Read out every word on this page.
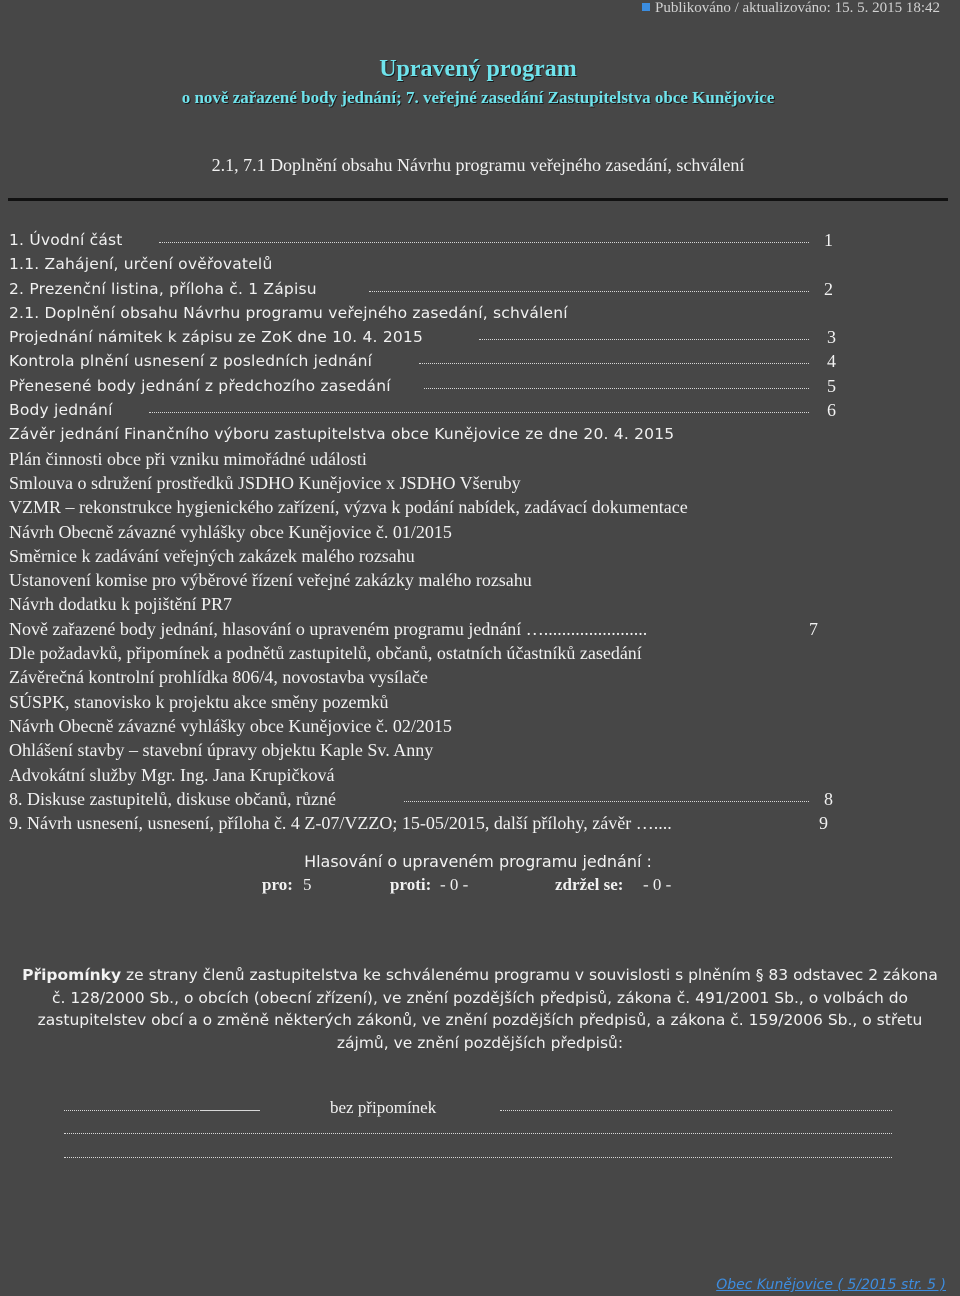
Publikováno / aktualizováno: 15. 5. 2015 18:42
Upravený program
o nově zařazené body jednání; 7. veřejné zasedání Zastupitelstva obce Kunějovice
2.1, 7.1 Doplnění obsahu Návrhu programu veřejného zasedání, schválení
1. Úvodní část	1
1.1. Zahájení, určení ověřovatelů
2. Prezenční listina, příloha č. 1 Zápisu	2
2.1. Doplnění obsahu Návrhu programu veřejného zasedání, schválení
Projednání námitek k zápisu ze ZoK dne 10. 4. 2015	3
Kontrola plnění usnesení z posledních jednání	4
Přenesené body jednání z předchozího zasedání	5
Body jednání	6
Závěr jednání Finančního výboru zastupitelstva obce Kunějovice ze dne 20. 4. 2015
Plán činnosti obce při vzniku mimořádné události
Smlouva o sdružení prostředků JSDHO Kunějovice x JSDHO Všeruby
VZMR – rekonstrukce hygienického zařízení, výzva k podání nabídek, zadávací dokumentace
Návrh Obecně závazné vyhlášky obce Kunějovice č. 01/2015
Směrnice k zadávání veřejných zakázek malého rozsahu
Ustanovení komise pro výběrové řízení veřejné zakázky malého rozsahu
Návrh dodatku k pojištění PR7
Nově zařazené body jednání, hlasování o upraveném programu jednání ….......................	7
Dle požadavků, připomínek a podnětů zastupitelů, občanů, ostatních účastníků zasedání
Závěrečná kontrolní prohlídka 806/4, novostavba vysílače
SÚSPK, stanovisko k projektu akce směny pozemků
Návrh Obecně závazné vyhlášky obce Kunějovice č. 02/2015
Ohlášení stavby – stavební úpravy objektu Kaple Sv. Anny
Advokátní služby Mgr. Ing. Jana Krupičková
8. Diskuse zastupitelů, diskuse občanů, různé	8
9. Návrh usnesení, usnesení, příloha č. 4 Z-07/VZZO; 15-05/2015, další přílohy, závěr …....	9
Hlasování o upraveném programu jednání :
pro: 5	proti: - 0 -	zdržel se: - 0 -
Připomínky ze strany členů zastupitelstva ke schválenému programu v souvislosti s plněním § 83 odstavec 2 zákona č. 128/2000 Sb., o obcích (obecní zřízení), ve znění pozdějších předpisů, zákona č. 491/2001 Sb., o volbách do zastupitelstev obcí a o změně některých zákonů, ve znění pozdějších předpisů, a zákona č. 159/2006 Sb., o střetu zájmů, ve znění pozdějších předpisů:
bez připomínek
Obec Kunějovice ( 5/2015 str. 5 )
